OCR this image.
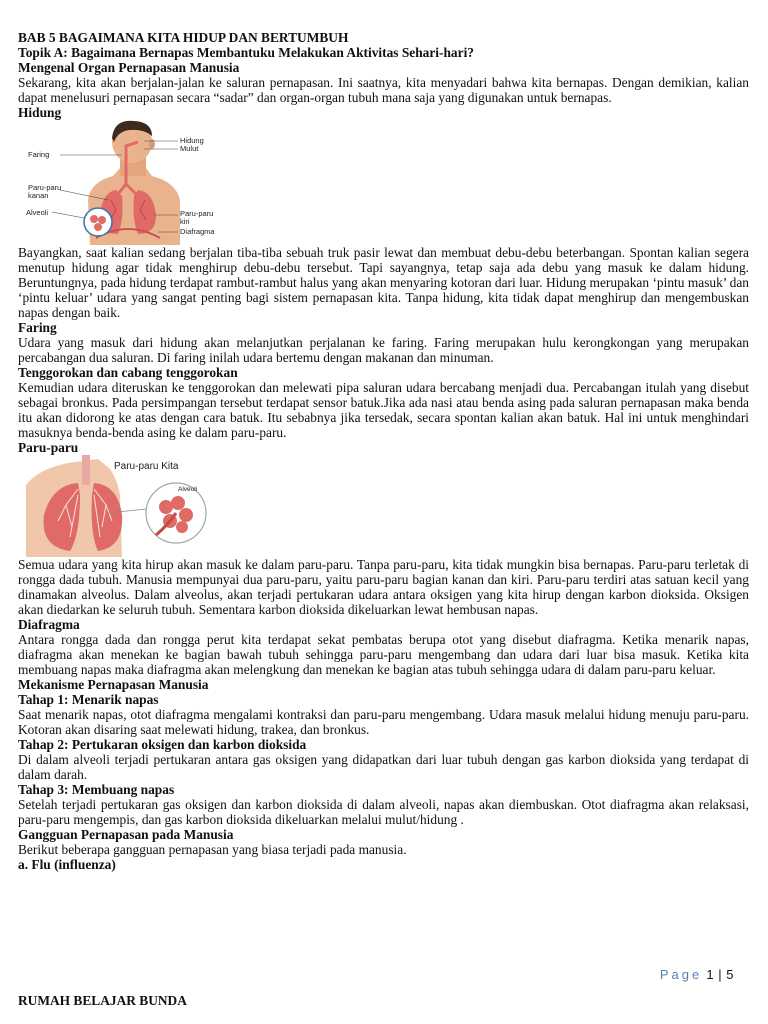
BAB 5 BAGAIMANA KITA HIDUP DAN BERTUMBUH

Topik A: Bagaimana Bernapas Membantuku Melakukan Aktivitas Sehari-hari?

Mengenal Organ Pernapasan Manusia

Sekarang, kita akan berjalan-jalan ke saluran pernapasan. Ini saatnya, kita menyadari bahwa kita bernapas. Dengan demikian, kalian dapat menelusuri pernapasan secara “sadar” dan organ-organ tubuh mana saja yang digunakan untuk bernapas.

Hidung

Faring
Hidung
Mulut
Paru-paru
kanan
Alveoli	Paru-paru
kiri
Diafragma

Bayangkan, saat kalian sedang berjalan tiba-tiba sebuah truk pasir lewat dan membuat debu-debu beterbangan. Spontan kalian segera menutup hidung agar tidak menghirup debu-debu tersebut. Tapi sayangnya, tetap saja ada debu yang masuk ke dalam hidung. Beruntungnya, pada hidung terdapat rambut-rambut halus yang akan menyaring kotoran dari luar. Hidung merupakan ‘pintu masuk’ dan ‘pintu keluar’ udara yang sangat penting bagi sistem pernapasan kita. Tanpa hidung, kita tidak dapat menghirup dan mengembuskan napas dengan baik.

Faring

Udara yang masuk dari hidung akan melanjutkan perjalanan ke faring. Faring merupakan hulu kerongkongan yang merupakan percabangan dua saluran. Di faring inilah udara bertemu dengan makanan dan minuman.

Tenggorokan dan cabang tenggorokan

Kemudian udara diteruskan ke tenggorokan dan melewati pipa saluran udara bercabang menjadi dua. Percabangan itulah yang disebut sebagai bronkus. Pada persimpangan tersebut terdapat sensor batuk.Jika ada nasi atau benda asing pada saluran pernapasan maka benda itu akan didorong ke atas dengan cara batuk. Itu sebabnya jika tersedak, secara spontan kalian akan batuk. Hal ini untuk menghindari masuknya benda-benda asing ke dalam paru-paru.

Paru-paru

Alveoli
Paru-paru Kita

Semua udara yang kita hirup akan masuk ke dalam paru-paru. Tanpa paru-paru, kita tidak mungkin bisa bernapas. Paru-paru terletak di rongga dada tubuh. Manusia mempunyai dua paru-paru, yaitu paru-paru bagian kanan dan kiri. Paru-paru terdiri atas satuan kecil yang dinamakan alveolus. Dalam alveolus, akan terjadi pertukaran udara antara oksigen yang kita hirup dengan karbon dioksida. Oksigen akan diedarkan ke seluruh tubuh. Sementara karbon dioksida dikeluarkan lewat hembusan napas.

Diafragma

Antara rongga dada dan rongga perut kita terdapat sekat pembatas berupa otot yang disebut diafragma. Ketika menarik napas, diafragma akan menekan ke bagian bawah tubuh sehingga paru-paru mengembang dan udara dari luar bisa masuk. Ketika kita membuang napas maka diafragma akan melengkung dan menekan ke bagian atas tubuh sehingga udara di dalam paru-paru keluar.

Mekanisme Pernapasan Manusia

Tahap 1: Menarik napas

Saat menarik napas, otot diafragma mengalami kontraksi dan paru-paru mengembang. Udara masuk melalui hidung menuju paru-paru. Kotoran akan disaring saat melewati hidung, trakea, dan bronkus.

Tahap 2: Pertukaran oksigen dan karbon dioksida

Di dalam alveoli terjadi pertukaran antara gas oksigen yang didapatkan dari luar tubuh dengan gas karbon dioksida yang terdapat di dalam darah.

Tahap 3: Membuang napas

Setelah terjadi pertukaran gas oksigen dan karbon dioksida di dalam alveoli, napas akan diembuskan. Otot diafragma akan relaksasi, paru-paru mengempis, dan gas karbon dioksida dikeluarkan melalui mulut/hidung .

Gangguan Pernapasan pada Manusia

Berikut beberapa gangguan pernapasan yang biasa terjadi pada manusia.

a. Flu (influenza)

Page 1 | 5
RUMAH BELAJAR BUNDA
